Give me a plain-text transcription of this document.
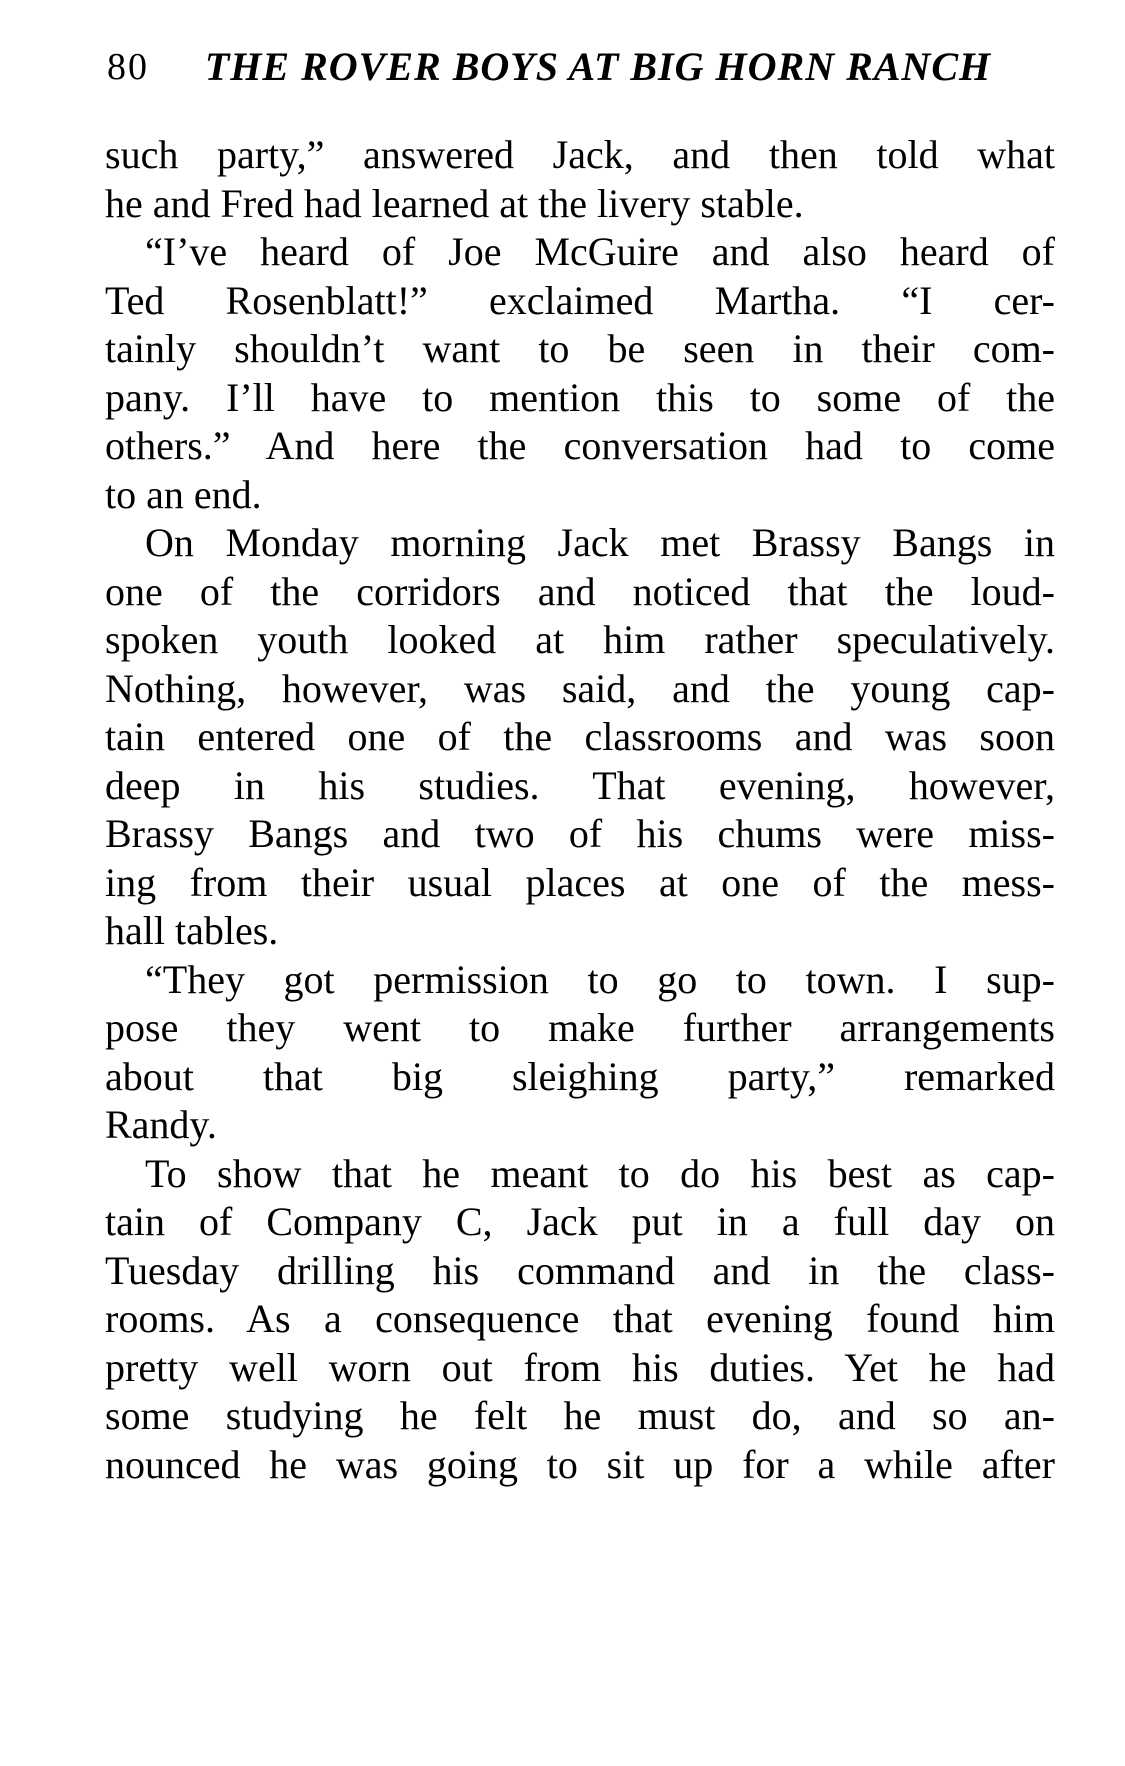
80	THE ROVER BOYS AT BIG HORN RANCH
such party,” answered Jack, and then told what
he and Fred had learned at the livery stable.
“I’ve heard of Joe McGuire and also heard of
Ted Rosenblatt!” exclaimed Martha. “I cer-
tainly shouldn’t want to be seen in their com-
pany. I’ll have to mention this to some of the
others.” And here the conversation had to come
to an end.
On Monday morning Jack met Brassy Bangs in
one of the corridors and noticed that the loud-
spoken youth looked at him rather speculatively.
Nothing, however, was said, and the young cap-
tain entered one of the classrooms and was soon
deep in his studies. That evening, however,
Brassy Bangs and two of his chums were miss-
ing from their usual places at one of the mess-
hall tables.
“They got permission to go to town. I sup-
pose they went to make further arrangements
about that big sleighing party,” remarked
Randy.
To show that he meant to do his best as cap-
tain of Company C, Jack put in a full day on
Tuesday drilling his command and in the class-
rooms. As a consequence that evening found him
pretty well worn out from his duties. Yet he had
some studying he felt he must do, and so an-
nounced he was going to sit up for a while after
